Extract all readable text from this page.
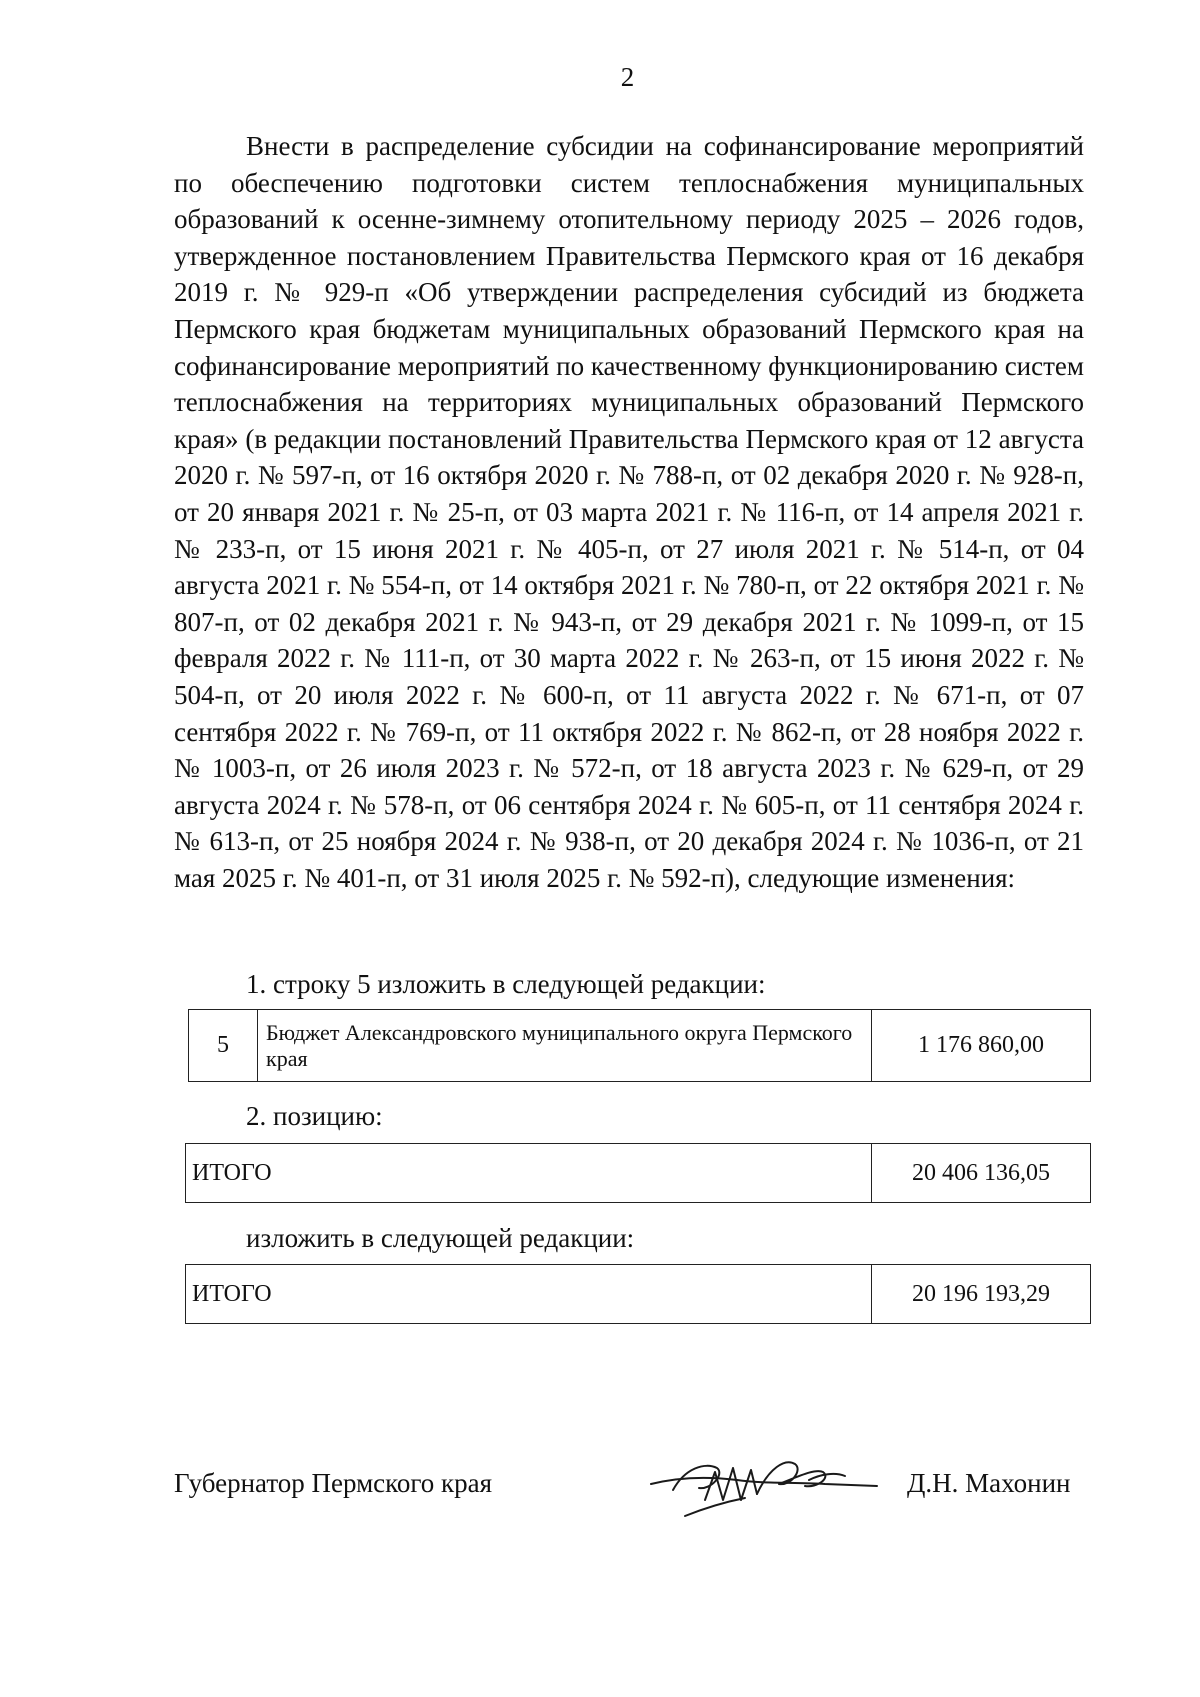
2

Внести в распределение субсидии на софинансирование мероприятий по обеспечению подготовки систем теплоснабжения муниципальных образований к осенне-зимнему отопительному периоду 2025 – 2026 годов, утвержденное постановлением Правительства Пермского края от 16 декабря 2019 г. № 929-п «Об утверждении распределения субсидий из бюджета Пермского края бюджетам муниципальных образований Пермского края на софинансирование мероприятий по качественному функционированию систем теплоснабжения на территориях муниципальных образований Пермского края» (в редакции постановлений Правительства Пермского края от 12 августа 2020 г. № 597-п, от 16 октября 2020 г. № 788-п, от 02 декабря 2020 г. № 928-п, от 20 января 2021 г. № 25-п, от 03 марта 2021 г. № 116-п, от 14 апреля 2021 г. № 233-п, от 15 июня 2021 г. № 405-п, от 27 июля 2021 г. № 514-п, от 04 августа 2021 г. № 554-п, от 14 октября 2021 г. № 780-п, от 22 октября 2021 г. № 807-п, от 02 декабря 2021 г. № 943-п, от 29 декабря 2021 г. № 1099-п, от 15 февраля 2022 г. № 111-п, от 30 марта 2022 г. № 263-п, от 15 июня 2022 г. № 504-п, от 20 июля 2022 г. № 600-п, от 11 августа 2022 г. № 671-п, от 07 сентября 2022 г. № 769-п, от 11 октября 2022 г. № 862-п, от 28 ноября 2022 г. № 1003-п, от 26 июля 2023 г. № 572-п, от 18 августа 2023 г. № 629-п, от 29 августа 2024 г. № 578-п, от 06 сентября 2024 г. № 605-п, от 11 сентября 2024 г. № 613-п, от 25 ноября 2024 г. № 938-п, от 20 декабря 2024 г. № 1036-п, от 21 мая 2025 г. № 401-п, от 31 июля 2025 г. № 592-п), следующие изменения:

1. строку 5 изложить в следующей редакции:

5	Бюджет Александровского муниципального округа Пермского края	1 176 860,00

2. позицию:

ИТОГО	20 406 136,05

изложить в следующей редакции:

ИТОГО	20 196 193,29
Губернатор Пермского края	Д.Н. Махонин
